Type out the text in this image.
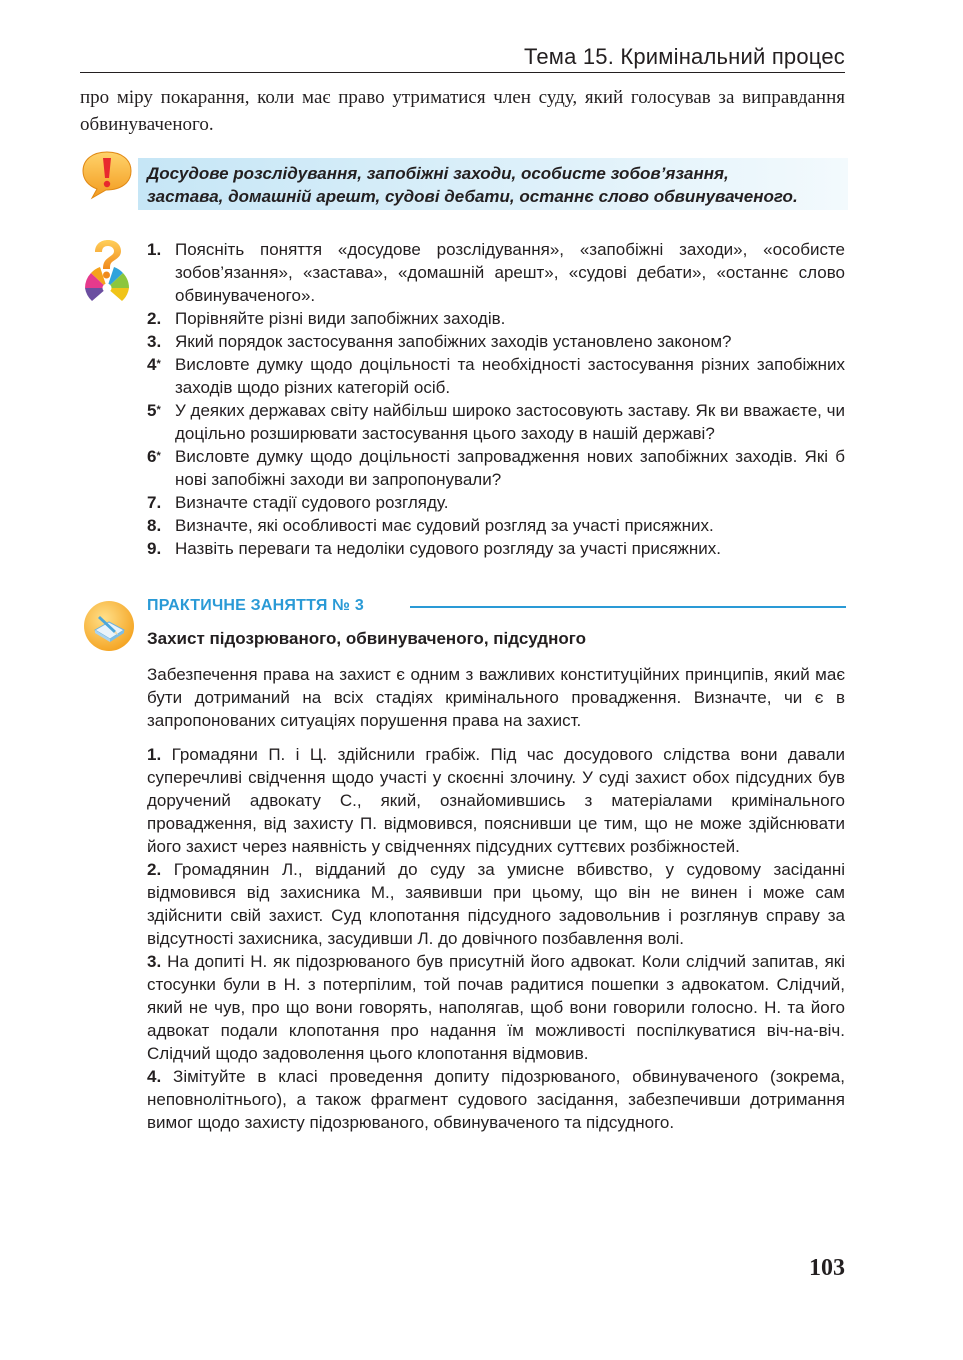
Тема 15. Кримінальний процес

про міру покарання, коли має право утриматися член суду, який голосував за виправдання обвинуваченого.

Досудове розслідування, запобіжні заходи, особисте зобов’язання,

застава, домашній арешт, судові дебати, останнє слово обвинуваченого.

1. Поясніть поняття «досудове розслідування», «запобіжні заходи», «особисте зобов’язання», «застава», «домашній арешт», «судові дебати», «останнє слово обвинуваченого».
2. Порівняйте різні види запобіжних заходів.
3. Який порядок застосування запобіжних заходів установлено законом?
4* Висловте думку щодо доцільності та необхідності застосування різних запобіжних заходів щодо різних категорій осіб.
5* У деяких державах світу найбільш широко застосовують заставу. Як ви вважаєте, чи доцільно розширювати застосування цього заходу в нашій державі?
6* Висловте думку щодо доцільності запровадження нових запобіжних заходів. Які б нові запобіжні заходи ви запропонували?
7. Визначте стадії судового розгляду.
8. Визначте, які особливості має судовий розгляд за участі присяжних.
9. Назвіть переваги та недоліки судового розгляду за участі присяжних.
ПРАКТИЧНЕ ЗАНЯТТЯ № 3
Захист підозрюваного, обвинуваченого, підсудного

Забезпечення права на захист є одним з важливих конституційних принципів, який має бути дотриманий на всіх стадіях кримінального провадження. Визначте, чи є в запропонованих ситуаціях порушення права на захист.

1. Громадяни П. і Ц. здійснили грабіж. Під час досудового слідства вони давали суперечливі свідчення щодо участі у скоєнні злочину. У суді захист обох підсудних був доручений адвокату С., який, ознайомившись з матеріалами кримінального провадження, від захисту П. відмовився, пояснивши це тим, що не може здійснювати його захист через наявність у свідченнях підсудних суттєвих розбіжностей.

2. Громадянин Л., відданий до суду за умисне вбивство, у судовому засіданні відмовився від захисника М., заявивши при цьому, що він не винен і може сам здійснити свій захист. Суд клопотання підсудного задовольнив і розглянув справу за відсутності захисника, засудивши Л. до довічного позбавлення волі.

3. На допиті Н. як підозрюваного був присутній його адвокат. Коли слідчий запитав, які стосунки були в Н. з потерпілим, той почав радитися пошепки з адвокатом. Слідчий, який не чув, про що вони говорять, наполягав, щоб вони говорили голосно. Н. та його адвокат подали клопотання про надання їм можливості поспілкуватися віч-на-віч. Слідчий щодо задоволення цього клопотання відмовив.

4. Зімітуйте в класі проведення допиту підозрюваного, обвинуваченого (зокрема, неповнолітнього), а також фрагмент судового засідання, забезпечивши дотримання вимог щодо захисту підозрюваного, обвинуваченого та підсудного.

103
